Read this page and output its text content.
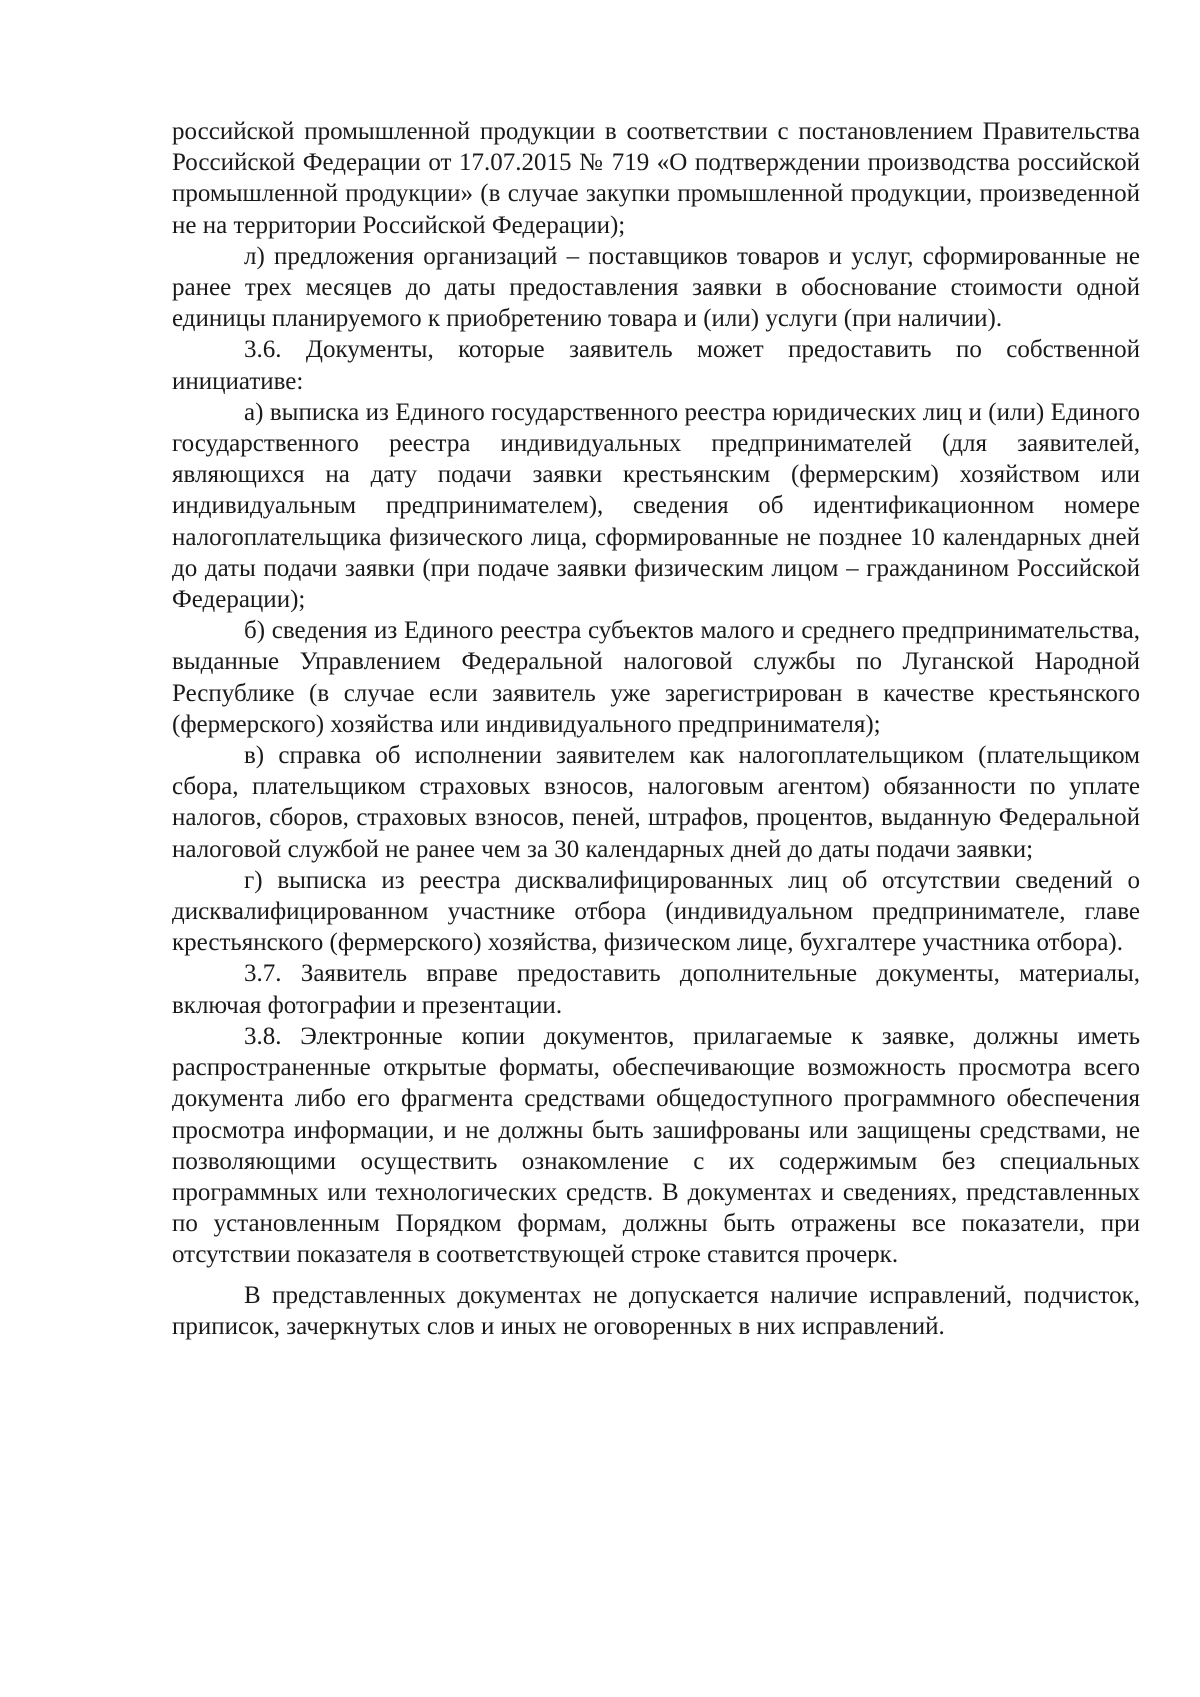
российской промышленной продукции в соответствии с постановлением Правительства Российской Федерации от 17.07.2015 № 719 «О подтверждении производства российской промышленной продукции» (в случае закупки промышленной продукции, произведенной не на территории Российской Федерации);

л) предложения организаций – поставщиков товаров и услуг, сформированные не ранее трех месяцев до даты предоставления заявки в обоснование стоимости одной единицы планируемого к приобретению товара и (или) услуги (при наличии).

3.6. Документы, которые заявитель может предоставить по собственной инициативе:

а) выписка из Единого государственного реестра юридических лиц и (или) Единого государственного реестра индивидуальных предпринимателей (для заявителей, являющихся на дату подачи заявки крестьянским (фермерским) хозяйством или индивидуальным предпринимателем), сведения об идентификационном номере налогоплательщика физического лица, сформированные не позднее 10 календарных дней до даты подачи заявки (при подаче заявки физическим лицом – гражданином Российской Федерации);

б) сведения из Единого реестра субъектов малого и среднего предпринимательства, выданные Управлением Федеральной налоговой службы по Луганской Народной Республике (в случае если заявитель уже зарегистрирован в качестве крестьянского (фермерского) хозяйства или индивидуального предпринимателя);

в) справка об исполнении заявителем как налогоплательщиком (плательщиком сбора, плательщиком страховых взносов, налоговым агентом) обязанности по уплате налогов, сборов, страховых взносов, пеней, штрафов, процентов, выданную Федеральной налоговой службой не ранее чем за 30 календарных дней до даты подачи заявки;

г) выписка из реестра дисквалифицированных лиц об отсутствии сведений о дисквалифицированном участнике отбора (индивидуальном предпринимателе, главе крестьянского (фермерского) хозяйства, физическом лице, бухгалтере участника отбора).

3.7. Заявитель вправе предоставить дополнительные документы, материалы, включая фотографии и презентации.

3.8. Электронные копии документов, прилагаемые к заявке, должны иметь распространенные открытые форматы, обеспечивающие возможность просмотра всего документа либо его фрагмента средствами общедоступного программного обеспечения просмотра информации, и не должны быть зашифрованы или защищены средствами, не позволяющими осуществить ознакомление с их содержимым без специальных программных или технологических средств. В документах и сведениях, представленных по установленным Порядком формам, должны быть отражены все показатели, при отсутствии показателя в соответствующей строке ставится прочерк.

В представленных документах не допускается наличие исправлений, подчисток, приписок, зачеркнутых слов и иных не оговоренных в них исправлений.
